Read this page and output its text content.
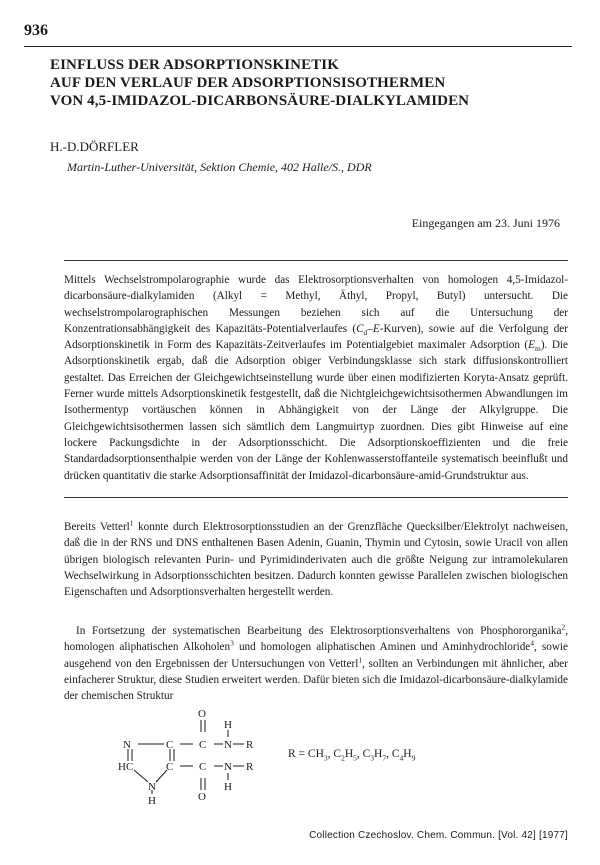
936
EINFLUSS DER ADSORPTIONSKINETIK
AUF DEN VERLAUF DER ADSORPTIONSISOTHERMEN
VON 4,5-IMIDAZOL-DICARBONSÄURE-DIALKYLAMIDEN
H.-D.DÖRFLER
Martin-Luther-Universität, Sektion Chemie, 402 Halle/S., DDR
Eingegangen am 23. Juni 1976

Mittels Wechselstrompolarographie wurde das Elektrosorptionsverhalten von homologen 4,5-Imidazol-dicarbonsäure-dialkylamiden (Alkyl = Methyl, Äthyl, Propyl, Butyl) untersucht. Die wechselstrompolarographischen Messungen beziehen sich auf die Untersuchung der Konzentrationsabhängigkeit des Kapazitäts-Potentialverlaufes $(C_d-E-Kurven)$, sowie auf die Verfolgung der Adsorptionskinetik in Form des Kapazitäts-Zeitverlaufes im Potentialgebiet maximaler Adsorption $(E_m)$. Die Adsorptionskinetik ergab, daß die Adsorption obiger Verbindungsklasse sich stark diffusionskontrolliert gestaltet. Das Erreichen der Gleichgewichtseinstellung wurde über einen modifizierten Koryta-Ansatz geprüft. Ferner wurde mittels Adsorptionskinetik festgestellt, daß die Nichtgleichgewichtsisothermen Abwandlungen im Isothermentyp vortäuschen können in Abhängigkeit von der Länge der Alkylgruppe. Die Gleichgewichtsisothermen lassen sich sämtlich dem Langmuirtyp zuordnen. Dies gibt Hinweise auf eine lockere Packungsdichte in der Adsorptionsschicht. Die Adsorptionskoeffizienten und die freie Standardadsorptionsenthalpie werden von der Länge der Kohlenwasserstoffanteile systematisch beeinflußt und drücken quantitativ die starke Adsorptionsaffinität der Imidazol-dicarbonsäure-amid-Grundstruktur aus.

Bereits Vetterl$^1$ konnte durch Elektrosorptionsstudien an der Grenzfläche Quecksilber/Elektrolyt nachweisen, daß die in der RNS und DNS enthaltenen Basen Adenin, Guanin, Thymin und Cytosin, sowie Uracil von allen übrigen biologisch relevanten Purin- und Pyrimidinderivaten auch die größte Neigung zur intramolekularen Wechselwirkung in Adsorptionsschichten besitzen. Dadurch konnten gewisse Parallelen zwischen biologischen Eigenschaften und Adsorptionsverhalten hergestellt werden.

In Fortsetzung der systematischen Bearbeitung des Elektrosorptionsverhaltens von Phosphororganika$^2$, homologen aliphatischen Alkoholen$^3$ und homologen aliphatischen Aminen und Aminhydrochloride$^4$, sowie ausgehend von den Ergebnissen der Untersuchungen von Vetterl$^1$, sollten an Verbindungen mit ähnlicher, aber einfacherer Struktur, diese Studien erweitert werden. Dafür bieten sich die Imidazol-dicarbonsäure-dialkylamide der chemischen Struktur

O
N	C C
H
N R
HC	C C N R
H
O
N
H
$R = CH_3$, $C_2H_5$, $C_3H_7$, $C_4H_9$
Collection Czechoslov. Chem. Commun. [Vol. 42] [1977]
